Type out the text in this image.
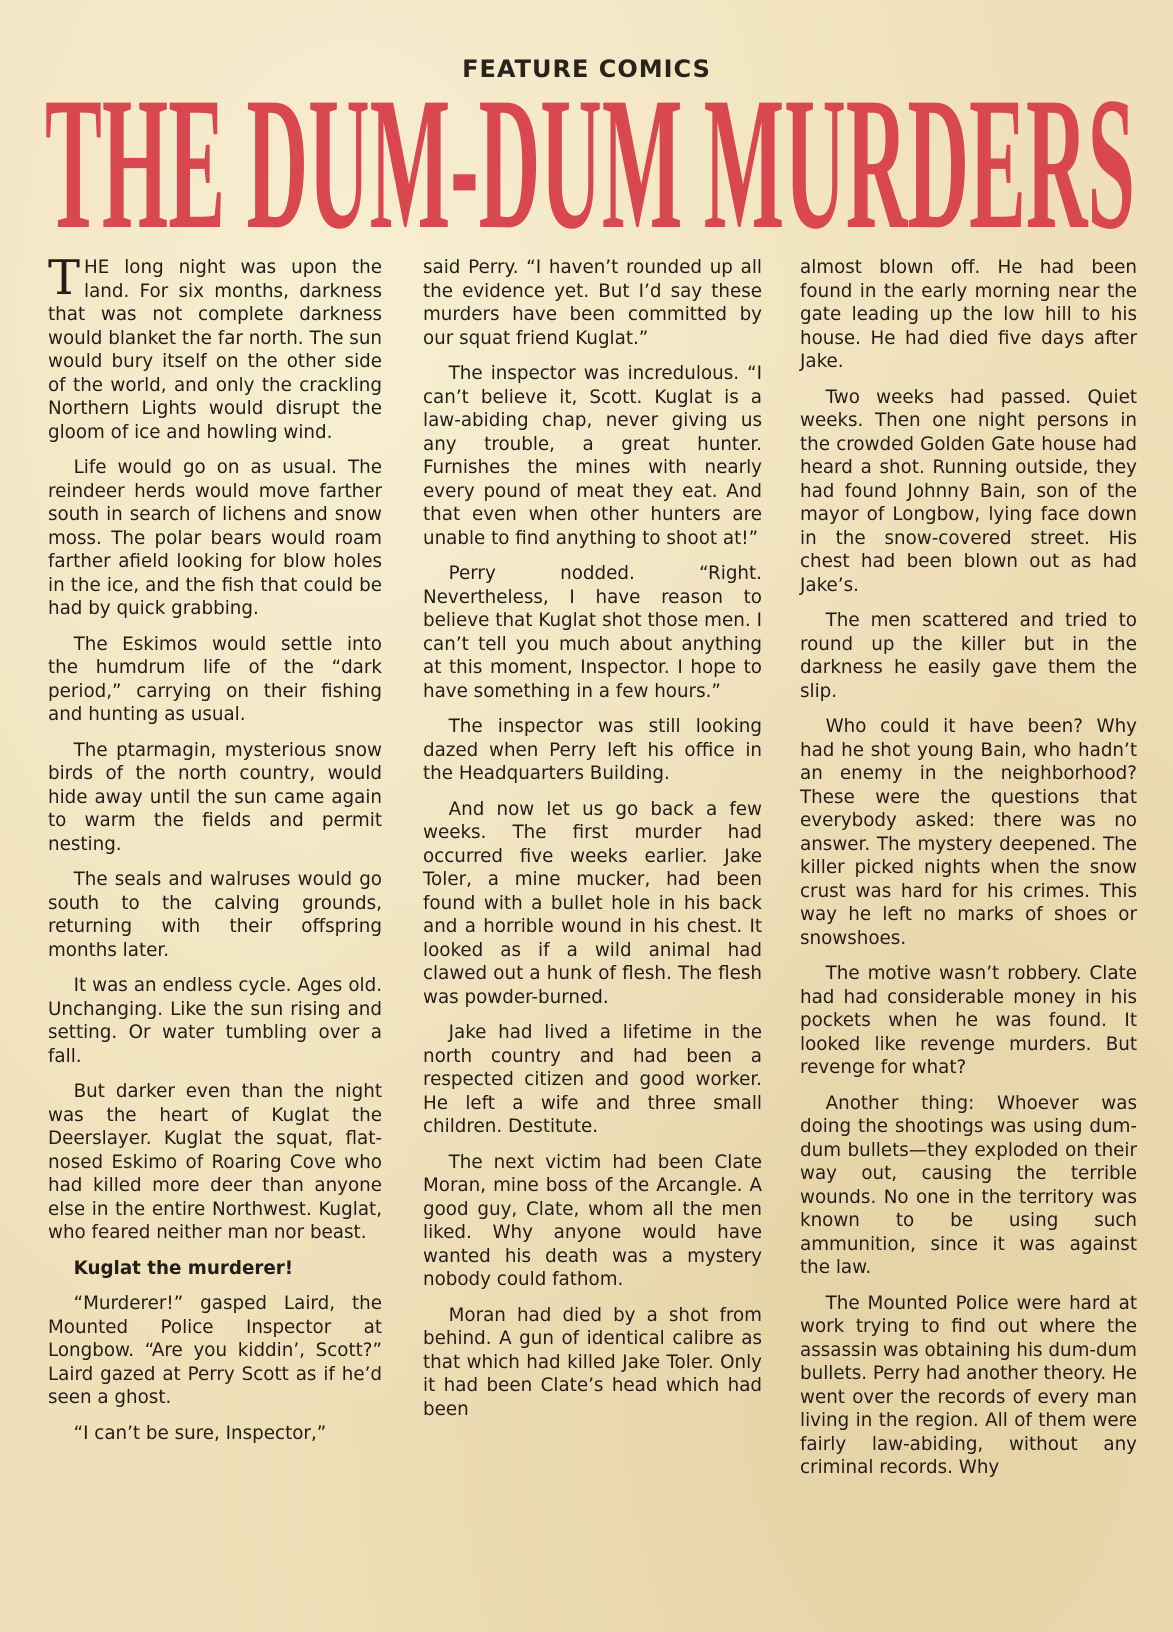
FEATURE COMICS
THE DUM-DUM MURDERS

THE long night was upon the land. For six months, darkness that was not complete darkness would blanket the far north. The sun would bury itself on the other side of the world, and only the crackling Northern Lights would disrupt the gloom of ice and howling wind.

Life would go on as usual. The reindeer herds would move farther south in search of lichens and snow moss. The polar bears would roam farther afield looking for blow holes in the ice, and the fish that could be had by quick grabbing.

The Eskimos would settle into the humdrum life of the “dark period,” carrying on their fishing and hunting as usual.

The ptarmagin, mysterious snow birds of the north country, would hide away until the sun came again to warm the fields and permit nesting.

The seals and walruses would go south to the calving grounds, returning with their offspring months later.

It was an endless cycle. Ages old. Unchanging. Like the sun rising and setting. Or water tumbling over a fall.

But darker even than the night was the heart of Kuglat the Deerslayer. Kuglat the squat, flat-nosed Eskimo of Roaring Cove who had killed more deer than anyone else in the entire Northwest. Kuglat, who feared neither man nor beast.

Kuglat the murderer!

“Murderer!” gasped Laird, the Mounted Police Inspector at Longbow. “Are you kiddin’, Scott?” Laird gazed at Perry Scott as if he’d seen a ghost.

“I can’t be sure, Inspector,”

said Perry. “I haven’t rounded up all the evidence yet. But I’d say these murders have been committed by our squat friend Kuglat.”

The inspector was incredulous. “I can’t believe it, Scott. Kuglat is a law-abiding chap, never giving us any trouble, a great hunter. Furnishes the mines with nearly every pound of meat they eat. And that even when other hunters are unable to find anything to shoot at!”

Perry nodded. “Right. Nevertheless, I have reason to believe that Kuglat shot those men. I can’t tell you much about anything at this moment, Inspector. I hope to have something in a few hours.”

The inspector was still looking dazed when Perry left his office in the Headquarters Building.

And now let us go back a few weeks. The first murder had occurred five weeks earlier. Jake Toler, a mine mucker, had been found with a bullet hole in his back and a horrible wound in his chest. It looked as if a wild animal had clawed out a hunk of flesh. The flesh was powder-burned.

Jake had lived a lifetime in the north country and had been a respected citizen and good worker. He left a wife and three small children. Destitute.

The next victim had been Clate Moran, mine boss of the Arcangle. A good guy, Clate, whom all the men liked. Why anyone would have wanted his death was a mystery nobody could fathom.

Moran had died by a shot from behind. A gun of identical calibre as that which had killed Jake Toler. Only it had been Clate’s head which had been

almost blown off. He had been found in the early morning near the gate leading up the low hill to his house. He had died five days after Jake.

Two weeks had passed. Quiet weeks. Then one night persons in the crowded Golden Gate house had heard a shot. Running outside, they had found Johnny Bain, son of the mayor of Longbow, lying face down in the snow-covered street. His chest had been blown out as had Jake’s.

The men scattered and tried to round up the killer but in the darkness he easily gave them the slip.

Who could it have been? Why had he shot young Bain, who hadn’t an enemy in the neighborhood? These were the questions that everybody asked: there was no answer. The mystery deepened. The killer picked nights when the snow crust was hard for his crimes. This way he left no marks of shoes or snowshoes.

The motive wasn’t robbery. Clate had had considerable money in his pockets when he was found. It looked like revenge murders. But revenge for what?

Another thing: Whoever was doing the shootings was using dum-dum bullets—they exploded on their way out, causing the terrible wounds. No one in the territory was known to be using such ammunition, since it was against the law.

The Mounted Police were hard at work trying to find out where the assassin was obtaining his dum-dum bullets. Perry had another theory. He went over the records of every man living in the region. All of them were fairly law-abiding, without any criminal records. Why
